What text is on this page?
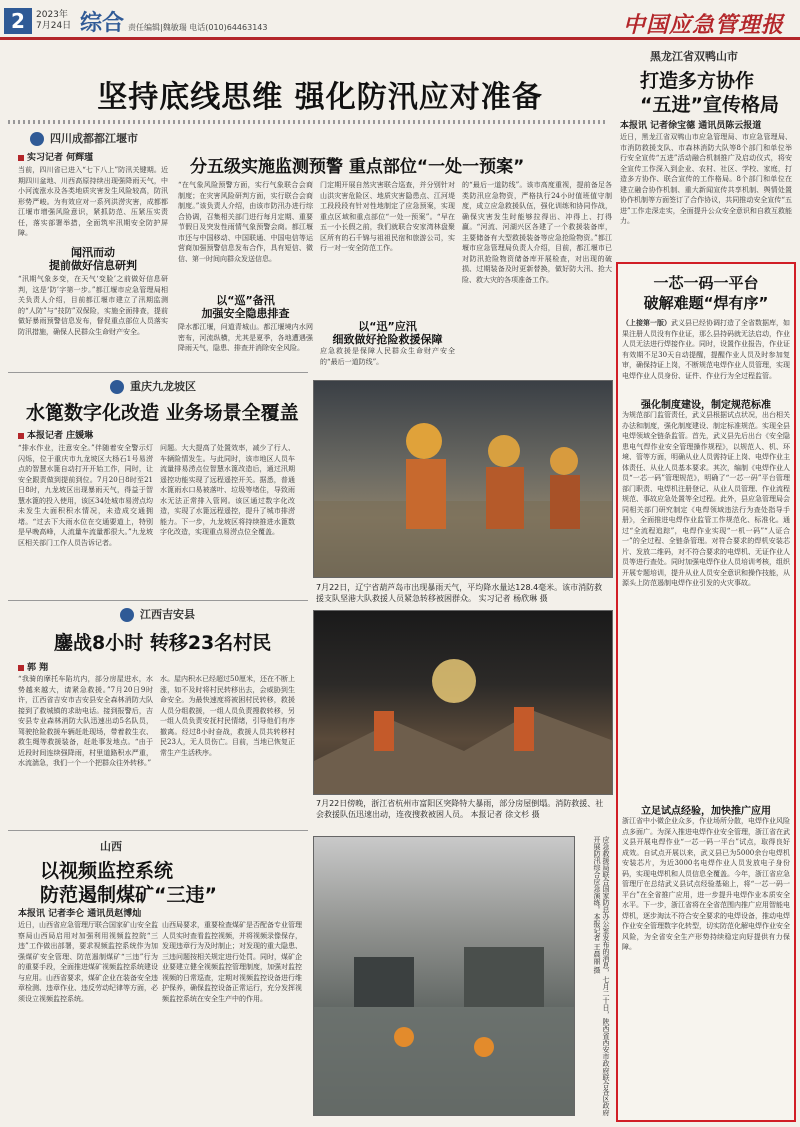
2	2023年
7月24日 综合 责任编辑|魏敏瑞 电话(010)64463143	中国应急管理报
坚持底线思维 强化防汛应对准备
四川成都都江堰市
分五级实施监测预警 重点部位“一处一预案”
实习记者 何辉瑾
当前，四川省已进入“七下八上”防汛关键期。近期四川盆地、川西高原持续出现强降雨天气，中小河流涨水及各类地质灾害发生风险较高，防汛形势严峻。为有效应对一系列洪涝灾害，成都都江堰市增强风险意识，紧抓防范、压紧压实责任，落实部署举措，全面筑牢汛期安全防护屏障。
闻汛而动
提前做好信息研判
“汛期气象多变，在天气‘变脸’之前做好信息研判，这是‘防’字第一步。”都江堰市应急管理局相关负责人介绍，目前都江堰市建立了汛期监测的“人防”与“技防”双保险，实施全面排查，提前做好暴雨预警信息发布，督促重点部位人员落实防汛措施，确保人民群众生命财产安全。
“在气象风险预警方面，实行气象联合会商制度；在灾害风险研判方面，实行联合会商制度。”该负责人介绍，由该市防汛办进行综合协调，召集相关部门进行每月定期、重要节假日及突发性雨情气象预警会商。都江堰市还与中国移动、中国联通、中国电信等运营商加强预警信息发布合作，具有短信、微信、第一时间向群众发送信息。
以“巡”备汛
加强安全隐患排查
降水都江堰，问道青城山。都江堰境内水网密布，河流纵横，尤其是夏季，各地遭遇强降雨天气，隐患、排查并消除安全风险。
门定期开展自然灾害联合巡查，并分别针对山洪灾害危险区、地质灾害隐患点、江河堤工段段段有针对性地制定了应急预案，实现重点区域和重点部位“一处一预案”。“早在五一小长假之前，我们就联合安家湾林盘聚区所有的石千锦与祖祖民宿和旅游公司，实行一对一安全防范工作。
以“迅”应汛
细致做好抢险救援保障
应急救援是保障人民群众生命财产安全的“最后一道防线”。
的“最后一道防线”。该市高度重视，提前备足各类防汛应急物资，严格执行24小时值班值守制度，成立应急救援队伍，强化训练和协同作战，确保灾害发生时能够拉得出、冲得上、打得赢。“河流、河湖兴区各建了一个救援装备库，主要储备有大型救援装备等应急抢险物资。”都江堰市应急管理局负责人介绍，目前，都江堰市已对防汛抢险物资储备库开展检查，对出现的破损、过期装备及时更新替换，做好防大汛、抢大险、救大灾的各项准备工作。
重庆九龙坡区
水篦数字化改造 业务场景全覆盖
本报记者 庄媛琳
“排水作业，注意安全。”伴随着安全警示灯闪烁，位于重庆市九龙坡区大杨石1号易涝点的智慧水篦自动打开开始工作，同时，让安全跟责做到提前到位。7月20日8时至21日8时，九龙坡区出现暴雨天气，得益于智慧水篦的投入使用，该区34处城市易涝点均未发生大面积积水情况，未造成交通拥堵。“过去下大雨水位在交通要道上，特别是早晚高峰，人流量车流量都很大。”九龙坡区相关部门工作人员告诉记者。
问题。大大提高了处置效率，减少了行人、车辆险情发生。与此同时，该市地区人员车流量排易涝点位智慧水篦改造后，通过汛期遥控功能实现了远程遥控开关。据悉，普通水篦雨水口易被落叶、垃圾等堵住，导致雨水无法正常排入管网。该区通过数字化改造，实现了水篦远程遥控，提升了城市排涝能力。下一步，九龙坡区将持续推进水篦数字化改造，实现重点易涝点位全覆盖。
7月22日，辽宁省葫芦岛市出现暴雨天气，平均降水量达128.4毫米。该市消防救援支队坚港大队救援人员紧急转移被困群众。 实习记者 杨欣琳 摄
江西吉安县
鏖战8小时 转移23名村民
郭 翔
“我骑的摩托车陷坑内，部分房屋进水，水势越来越大，请紧急救援。”7月20日9时许，江西省吉安市吉安县安全森林消防大队接到了救城镇的求助电话。接到报警后，吉安县专业森林消防大队迅速出动5名队员，驾驶抢险救援车辆赶赴现场，带着救生衣、救生绳等救援装备，赶赴事发地点。“由于近段时间连续强降雨，村里道路积水严重，水流湍急，我们一个一个把群众往外转移。”
水。屋内积水已经超过50厘米，还在不断上涨，如不及时将村民转移出去，会威胁到生命安全。为最快速度将被困村民转移，救援人员分组救援，一组人员负责搜救转移，另一组人员负责安抚村民情绪，引导他们有序撤离。经过8小时奋战，救援人员共转移村民23人，无人员伤亡。目前，当地已恢复正常生产生活秩序。
7月22日傍晚，浙江省杭州市富阳区突降特大暴雨，部分房屋倒塌。消防救援、社会救援队伍迅速出动，连夜搜救被困人员。 本报记者 徐文杉 摄
山西
以视频监控系统
防范遏制煤矿“三违”
本报讯 记者李仑 通讯员赵博灿
近日，山西省应急管理厅联合国家矿山安全监察局山西局启用对加强利用视频监控院“三违”工作做出部署，要求视频监控系统作为加强煤矿安全管理、防范遏制煤矿“三违”行为的重要手段，全面推进煤矿视频监控系统建设与应用。山西省要求，煤矿企业在装备安全违章检测、违章作业、违反劳动纪律等方面，必须设立视频监控系统。
山西局要求，重要检查煤矿是否配备专业管理人员实时查看监控视频，并将视频录像保存，发现违章行为及时制止；对发现的重大隐患、三违问题按相关规定进行处罚。同时，煤矿企业要建立健全视频监控管理制度，加强对监控视频的日常巡查，定期对视频监控设备进行维护保养，确保监控设备正常运行，充分发挥视频监控系统在安全生产中的作用。	应急救援局联合国家防总办公室发布的消息，七月二十日，陕西省西安市政府联合各区政府开展防汛综合应急演练。本报记者 王晨丽 摄
黑龙江省双鸭山市
打造多方协作
“五进”宣传格局
本报讯 记者徐宝德 通讯员陈云报道
近日，黑龙江省双鸭山市应急管理局、市应急管理局、市消防救援支队、市森林消防大队等8个部门和单位举行安全宣传“五进”活动融合机制推广及启动仪式，将安全宣传工作深入到企业、农村、社区、学校、家庭，打造多方协作、联合宣传的工作格局。8个部门和单位在建立融合协作机制、重大新闻宣传共享机制、舆情处置协作机制等方面签订了合作协议，共同推动安全宣传“五进”工作走深走实，全面提升公众安全意识和自救互救能力。
一芯一码一平台
破解难题“焊有序”
（上接第一版）武义县已经协调打造了全省数据库，如果注册人员没有作业证，那么县持码就无法启动，作业人员无法进行焊接作业。同时，设置作业报告，作业证有效期不足30天自动提醒，提醒作业人员及时参加复审，确保持证上岗，不断规范电焊作业人员管理，实现电焊作业人员身份、证件、作业行为全过程监管。
强化制度建设，制定规范标准
为规范部门监管责任，武义县根据试点状况，出台相关办法和制度，强化制度建设、制定标准规范。实现全县电焊领域全链条监管。首先，武义县先后出台《安全隐患电气焊作业安全管理操作规程》，以规范人、机、环境、管等方面，明确从业人员需持证上岗、电焊作业主体责任、从业人员基本要求。其次，编制《电焊作业人员“一芯一码”管理规范》，明确了“一芯一码”平台管理部门职责、电焊机注册登记、从业人员管理、作业流程规范、事故应急处置等全过程。此外，县应急管理局会同相关部门研究制定《电焊领域违法行为查处指导手册》，全面推进电焊作业监管工作规范化、标准化。通过“全流程追踪”，电焊作业实现“一机一码”“人证合一”的全过程、全链条管理。对符合要求的焊机安装芯片、发放二维码，对不符合要求的电焊机、无证作业人员等进行查处。同时加强电焊作业人员培训考核，组织开展专题培训，提升从业人员安全意识和操作技能，从源头上防范遏制电焊作业引发的火灾事故。
立足试点经验，加快推广应用
浙江省中小微企业众多，作业场所分散，电焊作业风险点多面广。为深入推进电焊作业安全管理，浙江省在武义县开展电焊作业“一芯一码一平台”试点，取得良好成效。自试点开展以来，武义县已为5000余台电焊机安装芯片，为近3000名电焊作业人员发放电子身份码，实现电焊机和人员信息全覆盖。今年，浙江省应急管理厅在总结武义县试点经验基础上，将“一芯一码一平台”在全省推广应用，进一步提升电焊作业本质安全水平。下一步，浙江省将在全省范围内推广应用智能电焊机，逐步淘汰不符合安全要求的电焊设备，推动电焊作业安全管理数字化转型，切实防范化解电焊作业安全风险，为全省安全生产形势持续稳定向好提供有力保障。
